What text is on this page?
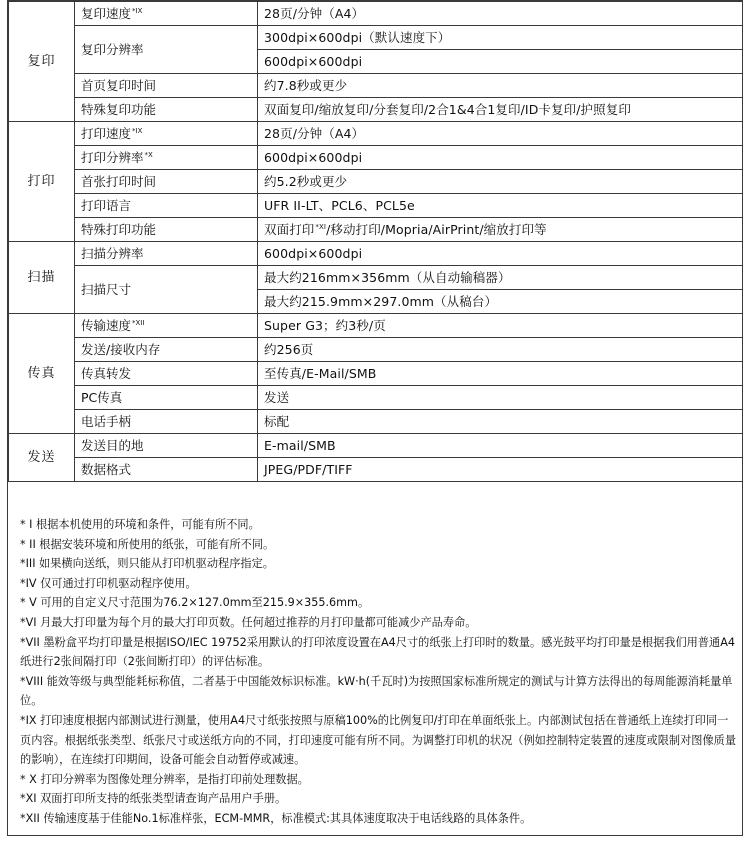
复印	复印速度$^{*IX}$	28页/分钟（A4）
	复印分辨率	300dpi×600dpi（默认速度下）
		600dpi×600dpi
	首页复印时间	约7.8秒或更少
	特殊复印功能	双面复印/缩放复印/分套复印/2合1&4合1复印/ID卡复印/护照复印
打印	打印速度$^{*IX}$	28页/分钟（A4）
	打印分辨率$^{*X}$	600dpi×600dpi
	首张打印时间	约5.2秒或更少
	打印语言	UFR II-LT、PCL6、PCL5e
	特殊打印功能	双面打印$^{*XI}$/移动打印/Mopria/AirPrint/缩放打印等
扫描	扫描分辨率	600dpi×600dpi
	扫描尺寸	最大约216mm×356mm（从自动输稿器）
		最大约215.9mm×297.0mm（从稿台）
传真	传输速度$^{*XII}$	Super G3；约3秒/页
	发送/接收内存	约256页
	传真转发	至传真/E-Mail/SMB
	PC传真	发送
	电话手柄	标配
发送	发送目的地	E-mail/SMB
	数据格式	JPEG/PDF/TIFF

* I 根据本机使用的环境和条件，可能有所不同。

* II 根据安装环境和所使用的纸张，可能有所不同。

*III 如果横向送纸，则只能从打印机驱动程序指定。

*IV 仅可通过打印机驱动程序使用。

* V 可用的自定义尺寸范围为76.2×127.0mm至215.9×355.6mm。

*VI 月最大打印量为每个月的最大打印页数。任何超过推荐的月打印量都可能减少产品寿命。

*VII 墨粉盒平均打印量是根据ISO/IEC 19752采用默认的打印浓度设置在A4尺寸的纸张上打印时的数量。感光鼓平均打印量是根据我们用普通A4纸进行2张间隔打印（2张间断打印）的评估标准。

*VIII 能效等级与典型能耗标称值，二者基于中国能效标识标准。kW·h(千瓦时)为按照国家标准所规定的测试与计算方法得出的每周能源消耗量单位。

*IX 打印速度根据内部测试进行测量，使用A4尺寸纸张按照与原稿100%的比例复印/打印在单面纸张上。内部测试包括在普通纸上连续打印同一页内容。根据纸张类型、纸张尺寸或送纸方向的不同，打印速度可能有所不同。为调整打印机的状况（例如控制特定装置的速度或限制对图像质量的影响），在连续打印期间，设备可能会自动暂停或减速。

* X 打印分辨率为图像处理分辨率，是指打印前处理数据。

*XI 双面打印所支持的纸张类型请查询产品用户手册。

*XII 传输速度基于佳能No.1标准样张，ECM-MMR，标准模式:其具体速度取决于电话线路的具体条件。
